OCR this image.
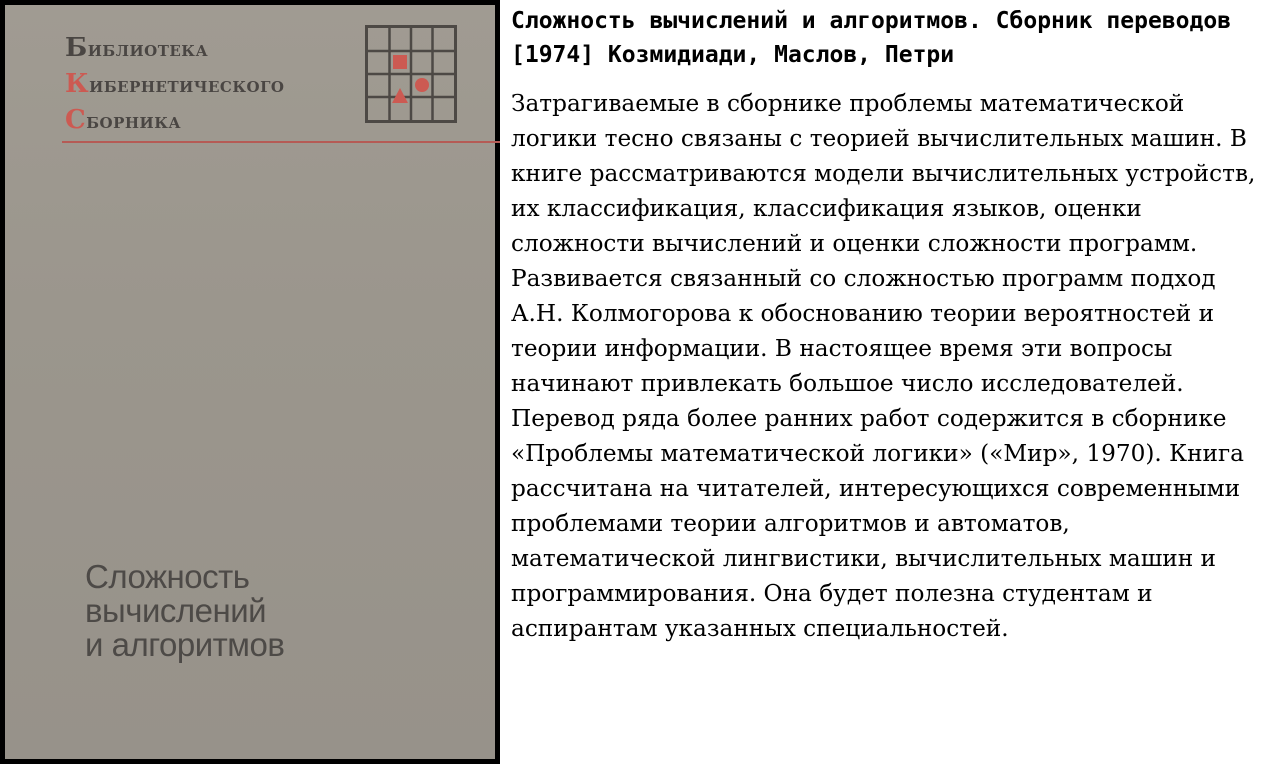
БИБЛИОТЕКА
КИБЕРНЕТИЧЕСКОГО
СБОРНИКА
Сложность
вычислений
и алгоритмов
Сложность вычислений и алгоритмов. Сборник переводов [1974] Козмидиади, Маслов, Петри

Затрагиваемые в сборнике проблемы математической логики тесно связаны с теорией вычислительных машин. В книге рассматриваются модели вычислительных устройств, их классификация, классификация языков, оценки сложности вычислений и оценки сложности программ. Развивается связанный со сложностью программ подход А.Н. Колмогорова к обоснованию теории вероятностей и теории информации. В настоящее время эти вопросы начинают привлекать большое число исследователей. Перевод ряда более ранних работ содержится в сборнике «Проблемы математической логики» («Мир», 1970). Книга рассчитана на читателей, интересующихся современными проблемами теории алгоритмов и автоматов, математической лингвистики, вычислительных машин и программирования. Она будет полезна студентам и аспирантам указанных специальностей.
